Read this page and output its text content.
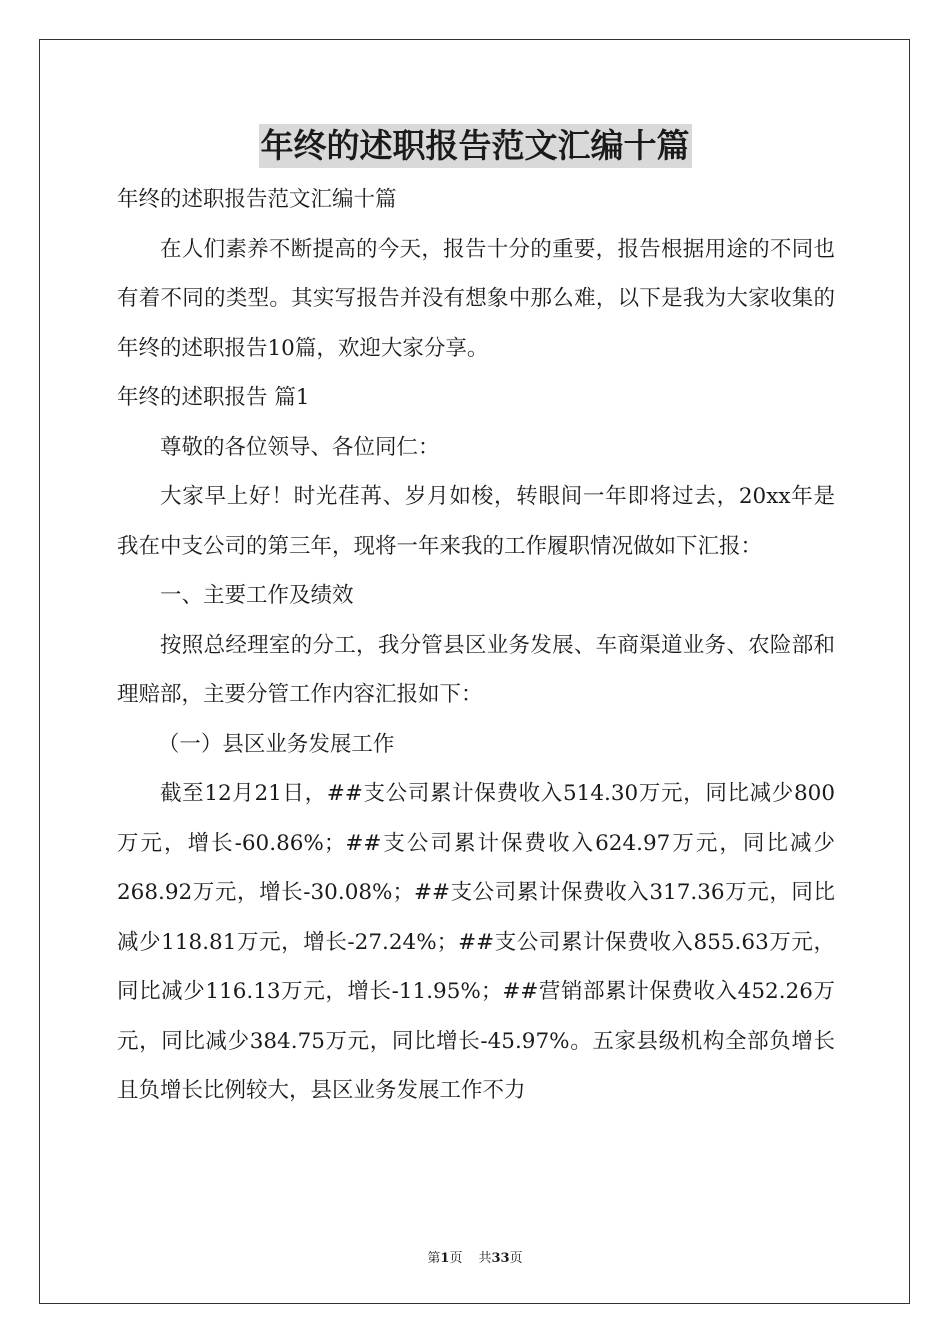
年终的述职报告范文汇编十篇

年终的述职报告范文汇编十篇

在人们素养不断提高的今天，报告十分的重要，报告根据用途的不同也有着不同的类型。其实写报告并没有想象中那么难，以下是我为大家收集的年终的述职报告10篇，欢迎大家分享。

年终的述职报告 篇1

尊敬的各位领导、各位同仁：

大家早上好！时光荏苒、岁月如梭，转眼间一年即将过去，20xx年是我在中支公司的第三年，现将一年来我的工作履职情况做如下汇报：

一、主要工作及绩效

按照总经理室的分工，我分管县区业务发展、车商渠道业务、农险部和理赔部，主要分管工作内容汇报如下：

（一）县区业务发展工作

截至12月21日，##支公司累计保费收入514.30万元，同比减少800万元，增长-60.86%；##支公司累计保费收入624.97万元，同比减少268.92万元，增长-30.08%；##支公司累计保费收入317.36万元，同比减少118.81万元，增长-27.24%；##支公司累计保费收入855.63万元，同比减少116.13万元，增长-11.95%；##营销部累计保费收入452.26万元，同比减少384.75万元，同比增长-45.97%。五家县级机构全部负增长且负增长比例较大，县区业务发展工作不力

第1页 共33页
